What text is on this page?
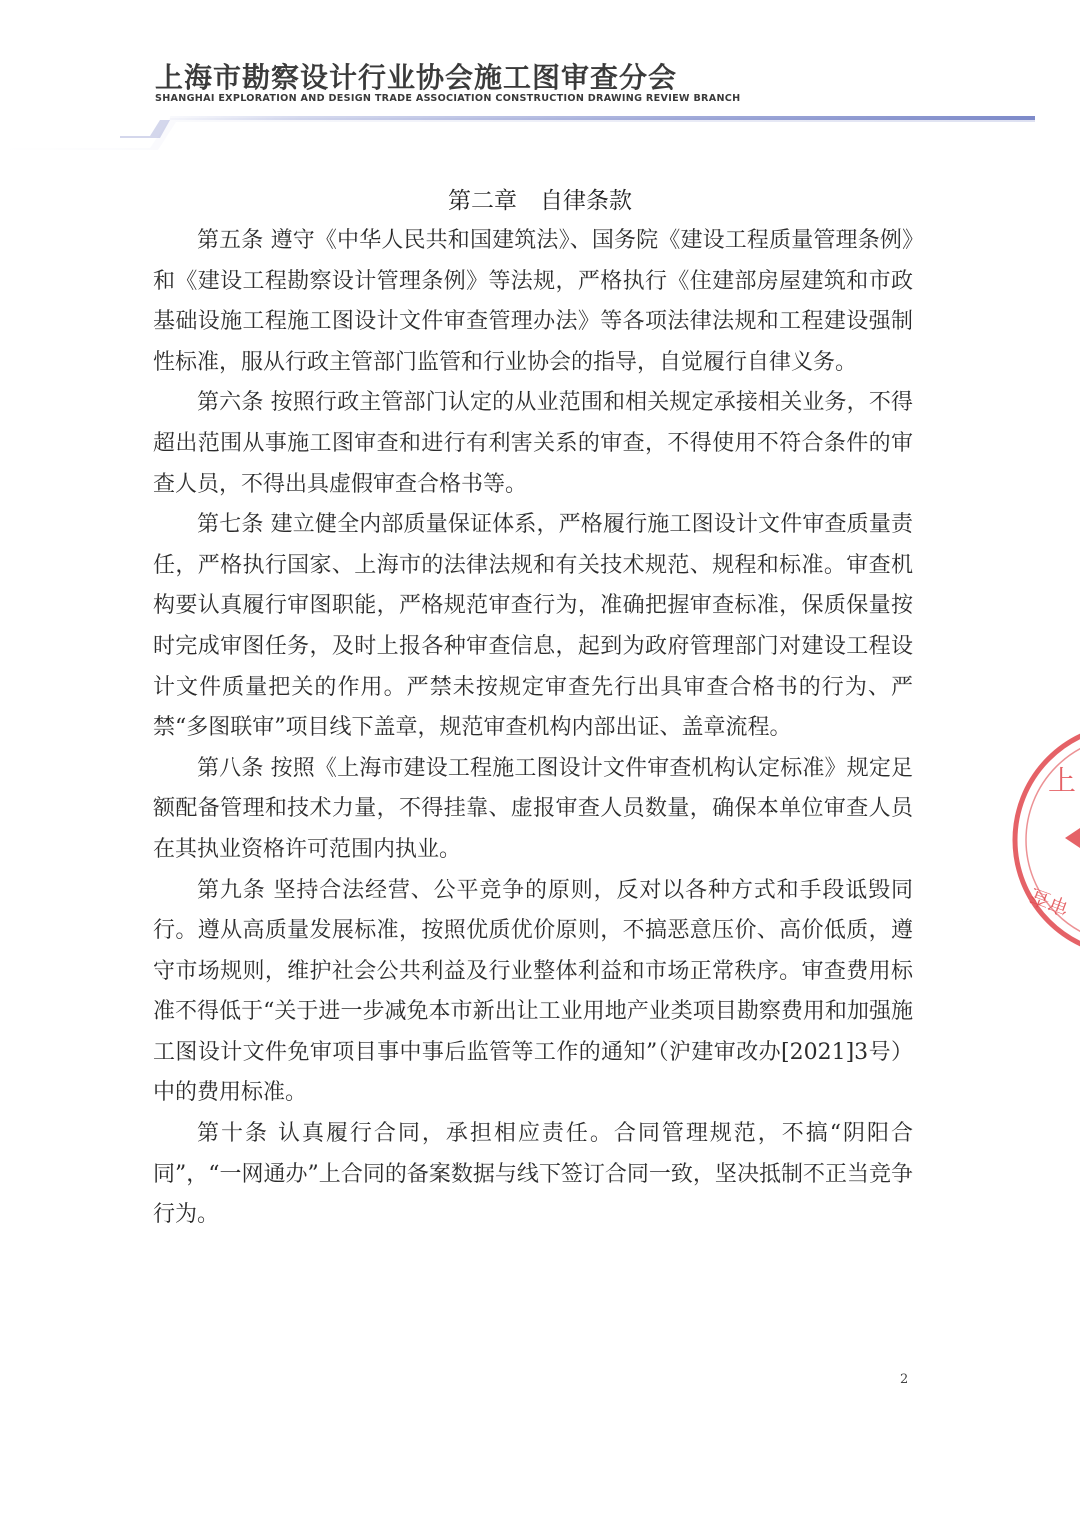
上海市勘察设计行业协会施工图审查分会
SHANGHAI EXPLORATION AND DESIGN TRADE ASSOCIATION CONSTRUCTION DRAWING REVIEW BRANCH
第二章　自律条款

第五条 遵守《中华人民共和国建筑法》、国务院《建设工程质量管理条例》和《建设工程勘察设计管理条例》等法规，严格执行《住建部房屋建筑和市政基础设施工程施工图设计文件审查管理办法》等各项法律法规和工程建设强制性标准，服从行政主管部门监管和行业协会的指导，自觉履行自律义务。

第六条 按照行政主管部门认定的从业范围和相关规定承接相关业务，不得超出范围从事施工图审查和进行有利害关系的审查，不得使用不符合条件的审查人员，不得出具虚假审查合格书等。

第七条 建立健全内部质量保证体系，严格履行施工图设计文件审查质量责任，严格执行国家、上海市的法律法规和有关技术规范、规程和标准。审查机构要认真履行审图职能，严格规范审查行为，准确把握审查标准，保质保量按时完成审图任务，及时上报各种审查信息，起到为政府管理部门对建设工程设计文件质量把关的作用。严禁未按规定审查先行出具审查合格书的行为、严禁“多图联审”项目线下盖章，规范审查机构内部出证、盖章流程。

第八条 按照《上海市建设工程施工图设计文件审查机构认定标准》规定足额配备管理和技术力量，不得挂靠、虚报审查人员数量，确保本单位审查人员在其执业资格许可范围内执业。

第九条 坚持合法经营、公平竞争的原则，反对以各种方式和手段诋毁同行。遵从高质量发展标准，按照优质优价原则，不搞恶意压价、高价低质，遵守市场规则，维护社会公共利益及行业整体利益和市场正常秩序。审查费用标准不得低于“关于进一步减免本市新出让工业用地产业类项目勘察费用和加强施工图设计文件免审项目事中事后监管等工作的通知”（沪建审改办[2021]3号）中的费用标准。

第十条 认真履行合同，承担相应责任。合同管理规范，不搞“阴阳合同”，“一网通办”上合同的备案数据与线下签订合同一致，坚决抵制不正当竞争行为。

2
上
审查
